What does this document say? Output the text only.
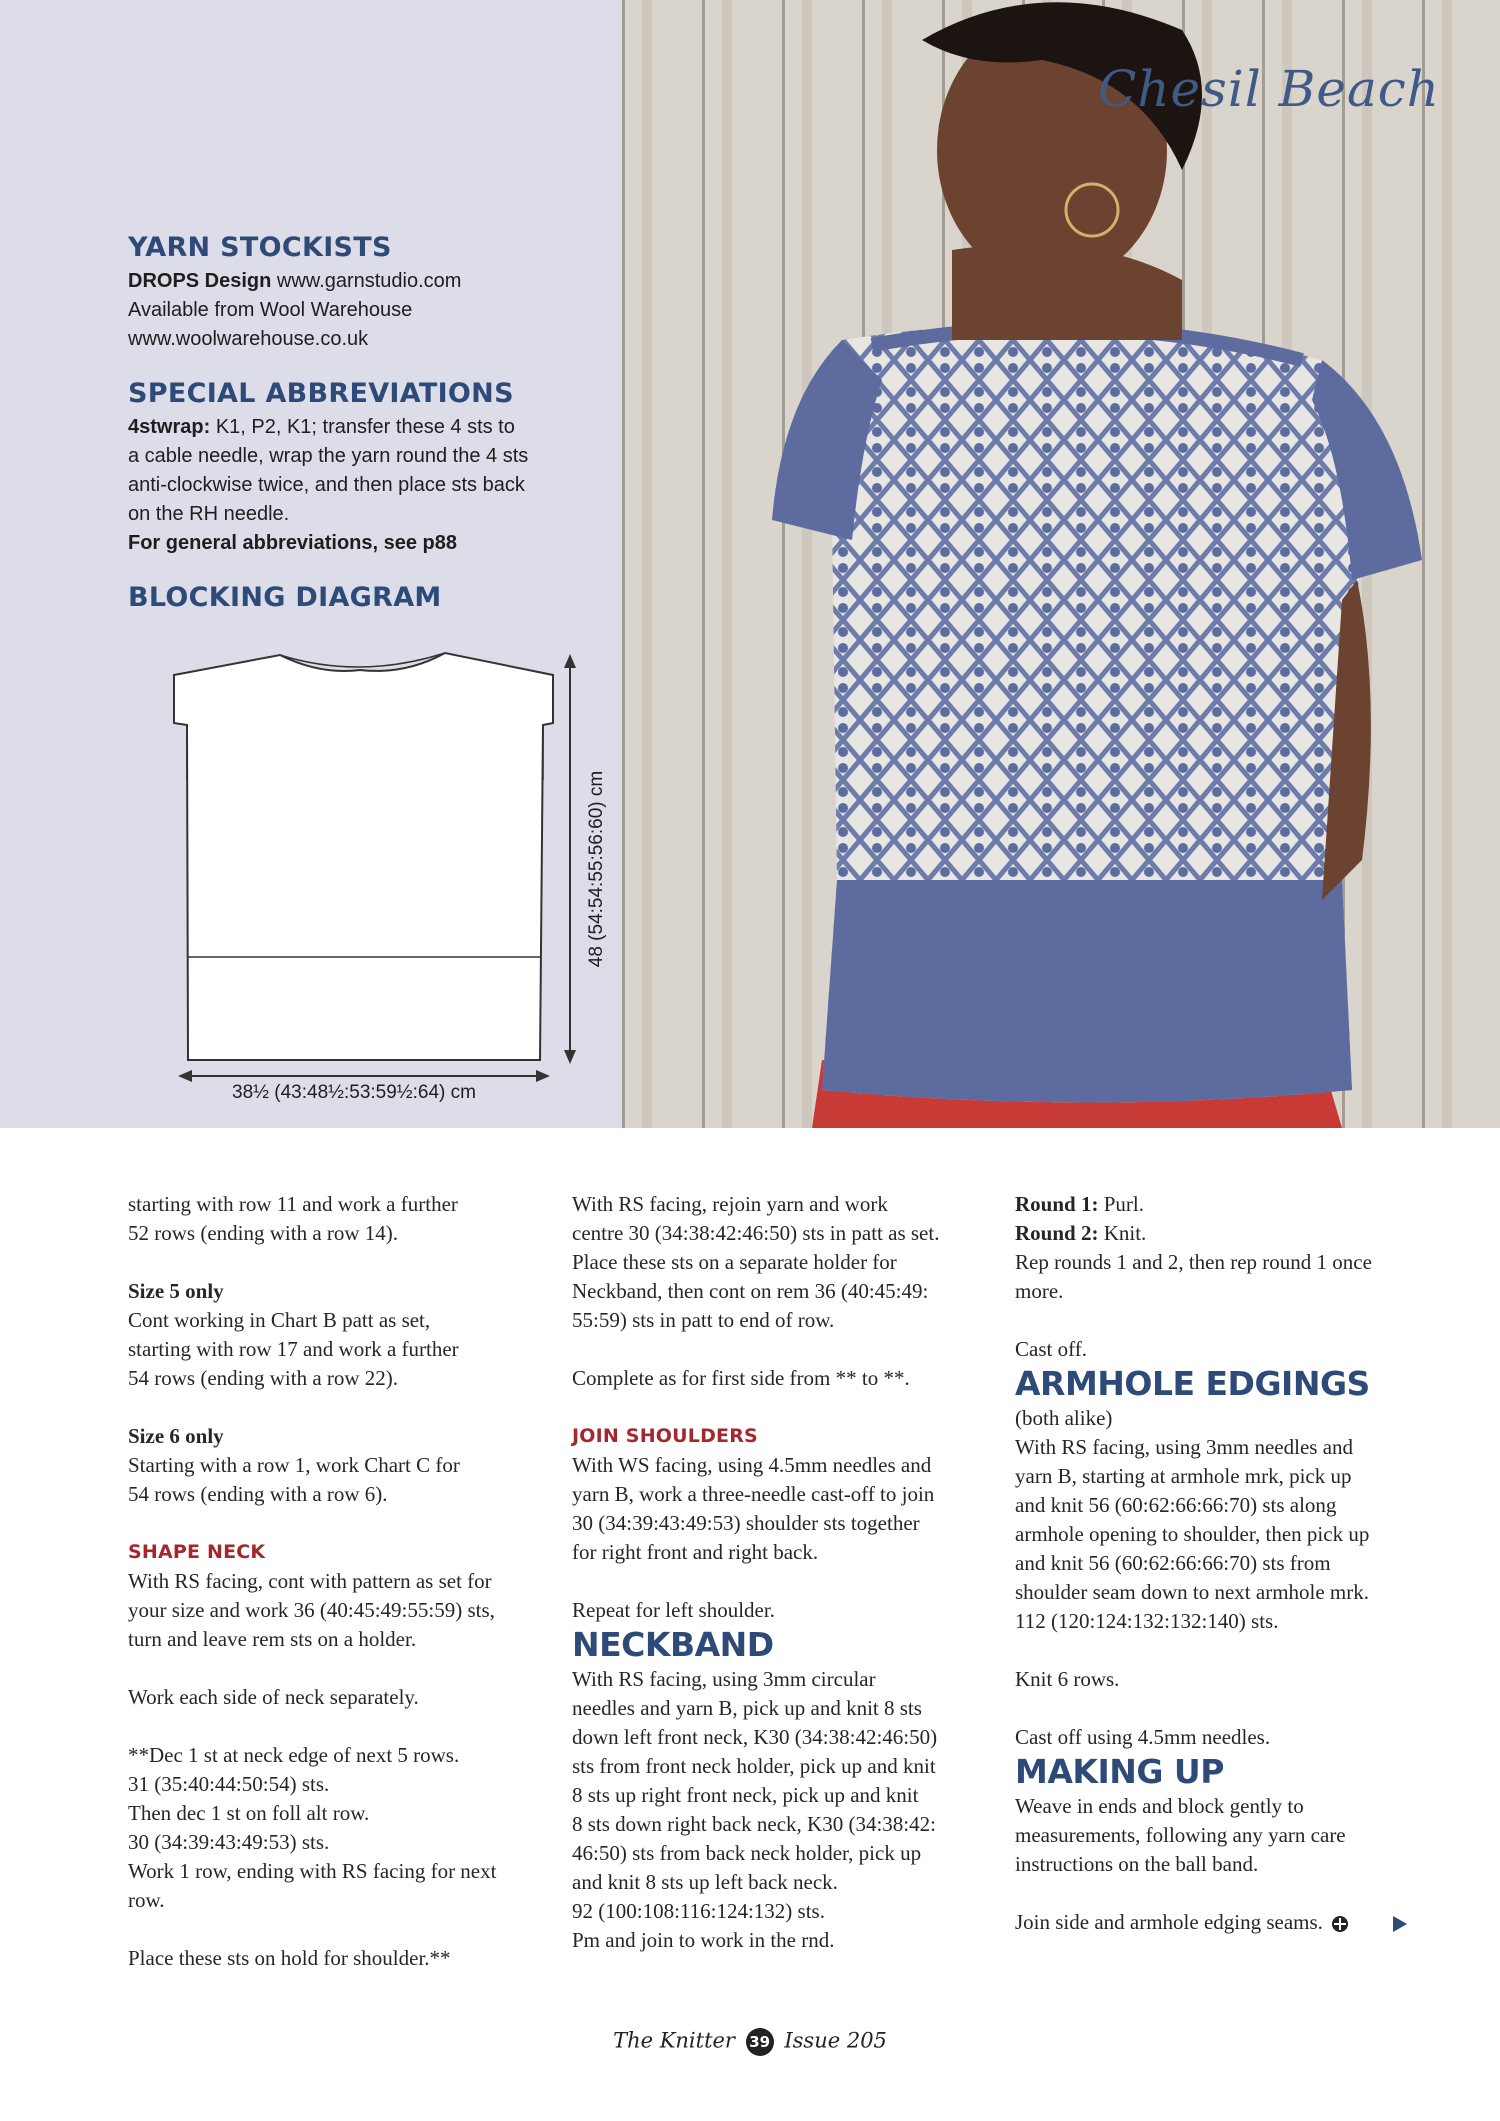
Chesil Beach
YARN STOCKISTS
DROPS Design www.garnstudio.com
Available from Wool Warehouse
www.woolwarehouse.co.uk
SPECIAL ABBREVIATIONS
4stwrap: K1, P2, K1; transfer these 4 sts to
a cable needle, wrap the yarn round the 4 sts
anti-clockwise twice, and then place sts back
on the RH needle.
For general abbreviations, see p88
BLOCKING DIAGRAM
38½ (43:48½:53:59½:64) cm
48 (54:54:55:56:60) cm

starting with row 11 and work a further

52 rows (ending with a row 14).

Size 5 only

Cont working in Chart B patt as set,

starting with row 17 and work a further

54 rows (ending with a row 22).

Size 6 only

Starting with a row 1, work Chart C for

54 rows (ending with a row 6).

SHAPE NECK

With RS facing, cont with pattern as set for

your size and work 36 (40:45:49:55:59) sts,

turn and leave rem sts on a holder.

Work each side of neck separately.

**Dec 1 st at neck edge of next 5 rows.

31 (35:40:44:50:54) sts.

Then dec 1 st on foll alt row.

30 (34:39:43:49:53) sts.

Work 1 row, ending with RS facing for next

row.

Place these sts on hold for shoulder.**

With RS facing, rejoin yarn and work

centre 30 (34:38:42:46:50) sts in patt as set.

Place these sts on a separate holder for

Neckband, then cont on rem 36 (40:45:49:

55:59) sts in patt to end of row.

Complete as for first side from ** to **.

JOIN SHOULDERS

With WS facing, using 4.5mm needles and

yarn B, work a three-needle cast-off to join

30 (34:39:43:49:53) shoulder sts together

for right front and right back.

Repeat for left shoulder.

NECKBAND

With RS facing, using 3mm circular

needles and yarn B, pick up and knit 8 sts

down left front neck, K30 (34:38:42:46:50)

sts from front neck holder, pick up and knit

8 sts up right front neck, pick up and knit

8 sts down right back neck, K30 (34:38:42:

46:50) sts from back neck holder, pick up

and knit 8 sts up left back neck.

92 (100:108:116:124:132) sts.

Pm and join to work in the rnd.

Round 1: Purl.

Round 2: Knit.

Rep rounds 1 and 2, then rep round 1 once

more.

Cast off.

ARMHOLE EDGINGS

(both alike)

With RS facing, using 3mm needles and

yarn B, starting at armhole mrk, pick up

and knit 56 (60:62:66:66:70) sts along

armhole opening to shoulder, then pick up

and knit 56 (60:62:66:66:70) sts from

shoulder seam down to next armhole mrk.

112 (120:124:132:132:140) sts.

Knit 6 rows.

Cast off using 4.5mm needles.

MAKING UP

Weave in ends and block gently to

measurements, following any yarn care

instructions on the ball band.

Join side and armhole edging seams.

The Knitter 39 Issue 205
